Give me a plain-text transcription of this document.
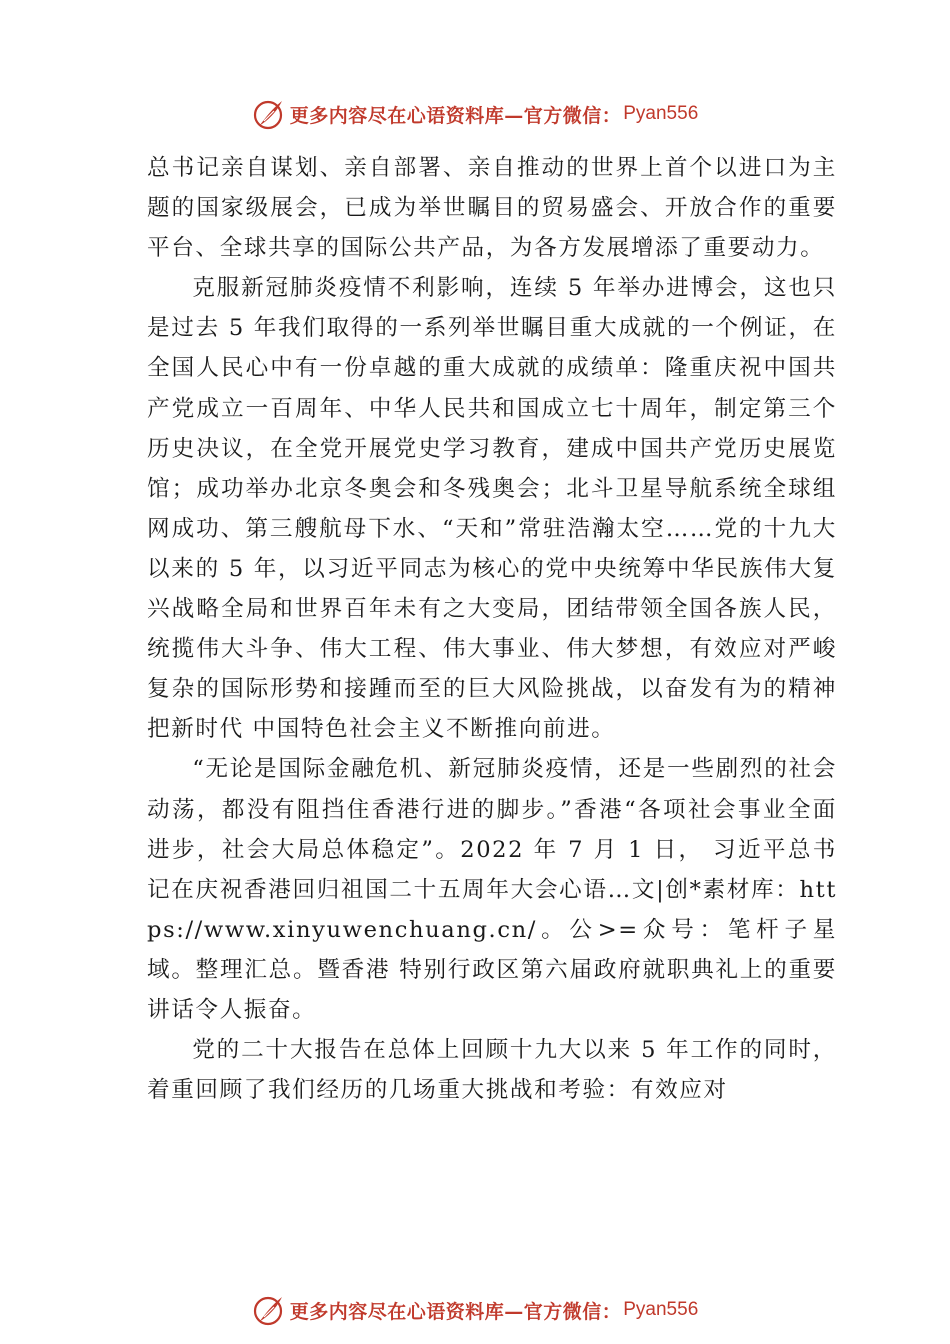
更多内容尽在心语资料库—官方微信： Pyan556

总书记亲自谋划、亲自部署、亲自推动的世界上首个以进口为主题的国家级展会，已成为举世瞩目的贸易盛会、开放合作的重要平台、全球共享的国际公共产品，为各方发展增添了重要动力。

克服新冠肺炎疫情不利影响，连续 5 年举办进博会，这也只是过去 5 年我们取得的一系列举世瞩目重大成就的一个例证，在全国人民心中有一份卓越的重大成就的成绩单：隆重庆祝中国共产党成立一百周年、中华人民共和国成立七十周年，制定第三个历史决议，在全党开展党史学习教育，建成中国共产党历史展览馆；成功举办北京冬奥会和冬残奥会；北斗卫星导航系统全球组网成功、第三艘航母下水、“天和”常驻浩瀚太空……党的十九大以来的 5 年，以习近平同志为核心的党中央统筹中华民族伟大复兴战略全局和世界百年未有之大变局，团结带领全国各族人民，统揽伟大斗争、伟大工程、伟大事业、伟大梦想，有效应对严峻复杂的国际形势和接踵而至的巨大风险挑战，以奋发有为的精神把新时代 中国特色社会主义不断推向前进。

“无论是国际金融危机、新冠肺炎疫情，还是一些剧烈的社会动荡，都没有阻挡住香港行进的脚步。”香港“各项社会事业全面进步，社会大局总体稳定”。2022 年 7 月 1 日， 习近平总书记在庆祝香港回归祖国二十五周年大会心语…文|创*素材库：https://www.xinyuwenchuang.cn/。公>=众号：笔杆子星域。整理汇总。暨香港 特别行政区第六届政府就职典礼上的重要讲话令人振奋。

党的二十大报告在总体上回顾十九大以来 5 年工作的同时，着重回顾了我们经历的几场重大挑战和考验：有效应对

更多内容尽在心语资料库—官方微信： Pyan556
